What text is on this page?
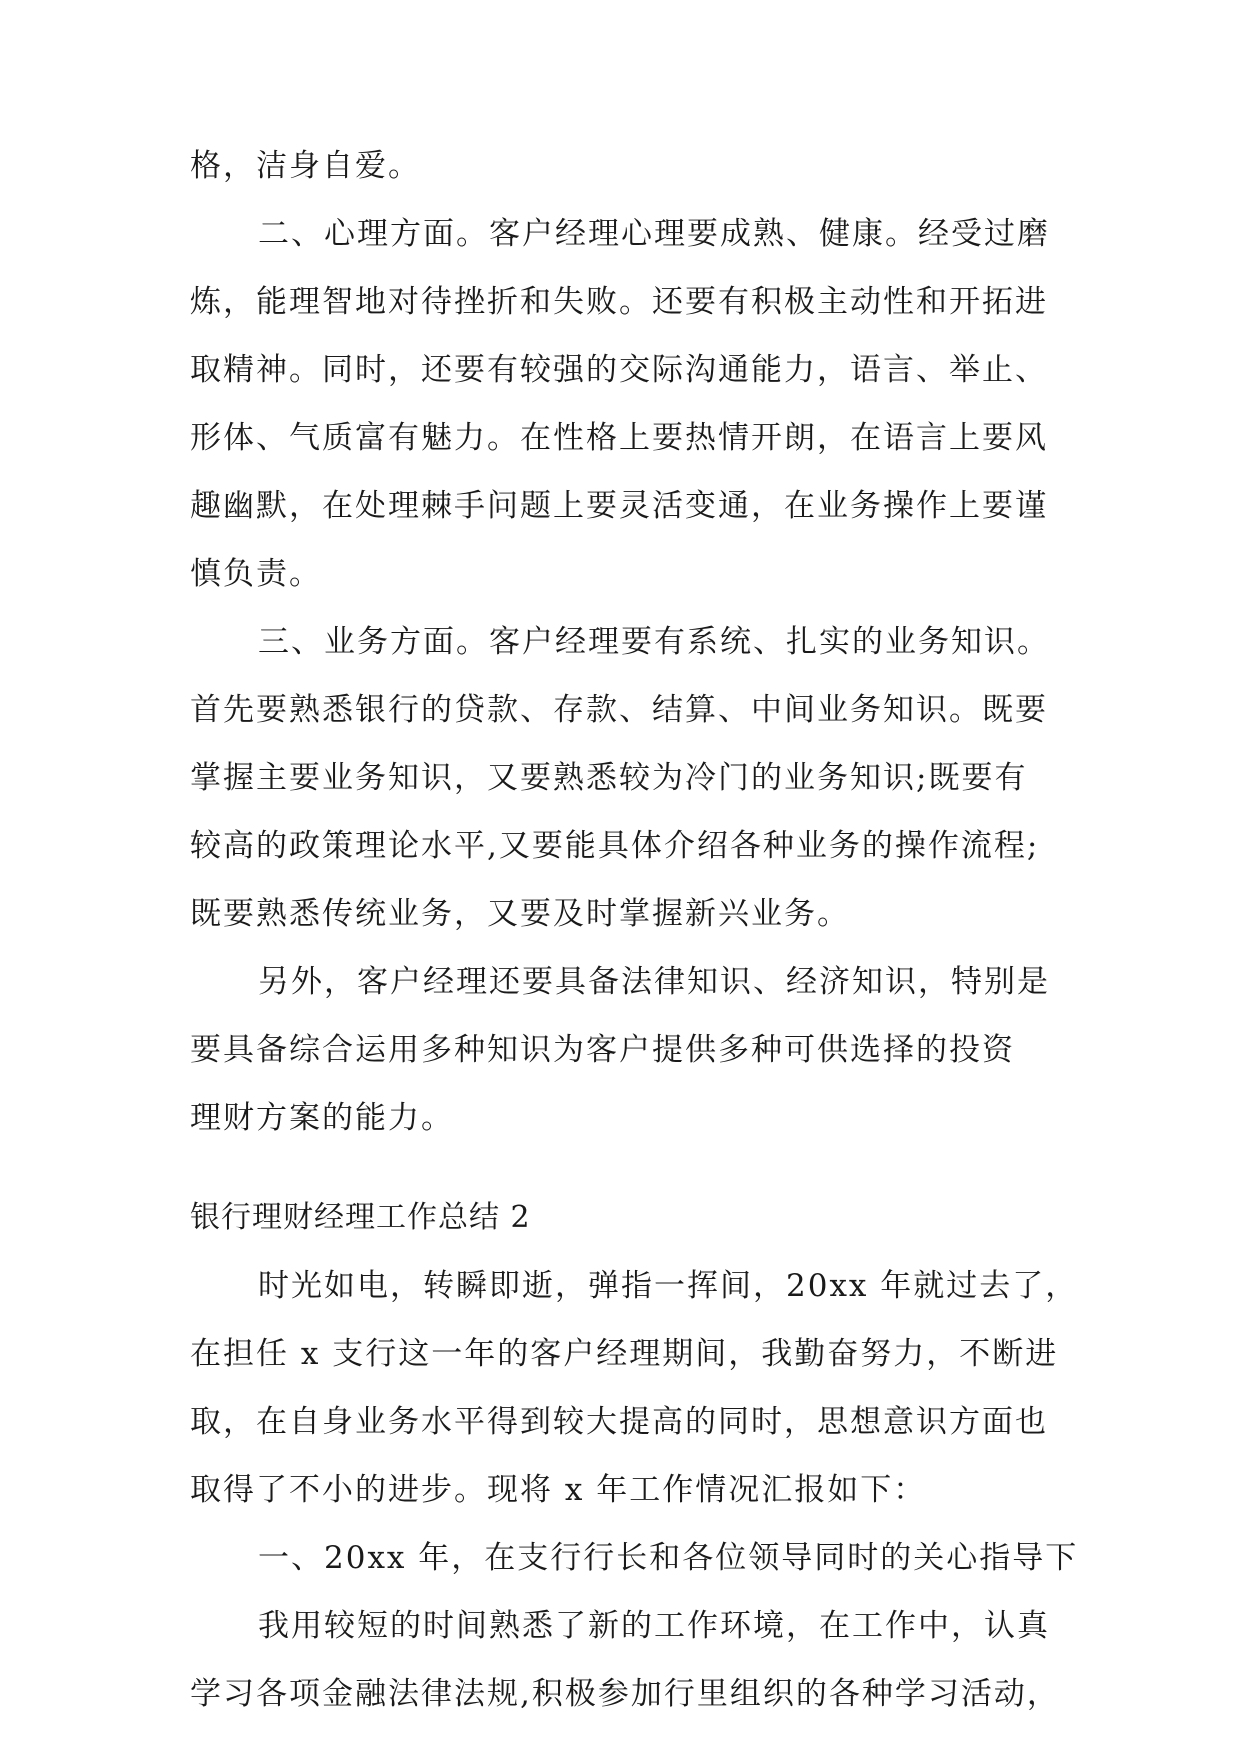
格，洁身自爱。
二、心理方面。客户经理心理要成熟、健康。经受过磨
炼，能理智地对待挫折和失败。还要有积极主动性和开拓进
取精神。同时，还要有较强的交际沟通能力，语言、举止、
形体、气质富有魅力。在性格上要热情开朗，在语言上要风
趣幽默，在处理棘手问题上要灵活变通，在业务操作上要谨
慎负责。
三、业务方面。客户经理要有系统、扎实的业务知识。
首先要熟悉银行的贷款、存款、结算、中间业务知识。既要
掌握主要业务知识，又要熟悉较为冷门的业务知识;既要有
较高的政策理论水平,又要能具体介绍各种业务的操作流程;
既要熟悉传统业务，又要及时掌握新兴业务。
另外，客户经理还要具备法律知识、经济知识，特别是
要具备综合运用多种知识为客户提供多种可供选择的投资
理财方案的能力。
银行理财经理工作总结 2
时光如电，转瞬即逝，弹指一挥间，20xx 年就过去了，
在担任 x 支行这一年的客户经理期间，我勤奋努力，不断进
取，在自身业务水平得到较大提高的同时，思想意识方面也
取得了不小的进步。现将 x 年工作情况汇报如下：
一、20xx 年，在支行行长和各位领导同时的关心指导下
我用较短的时间熟悉了新的工作环境，在工作中，认真
学习各项金融法律法规,积极参加行里组织的各种学习活动，
